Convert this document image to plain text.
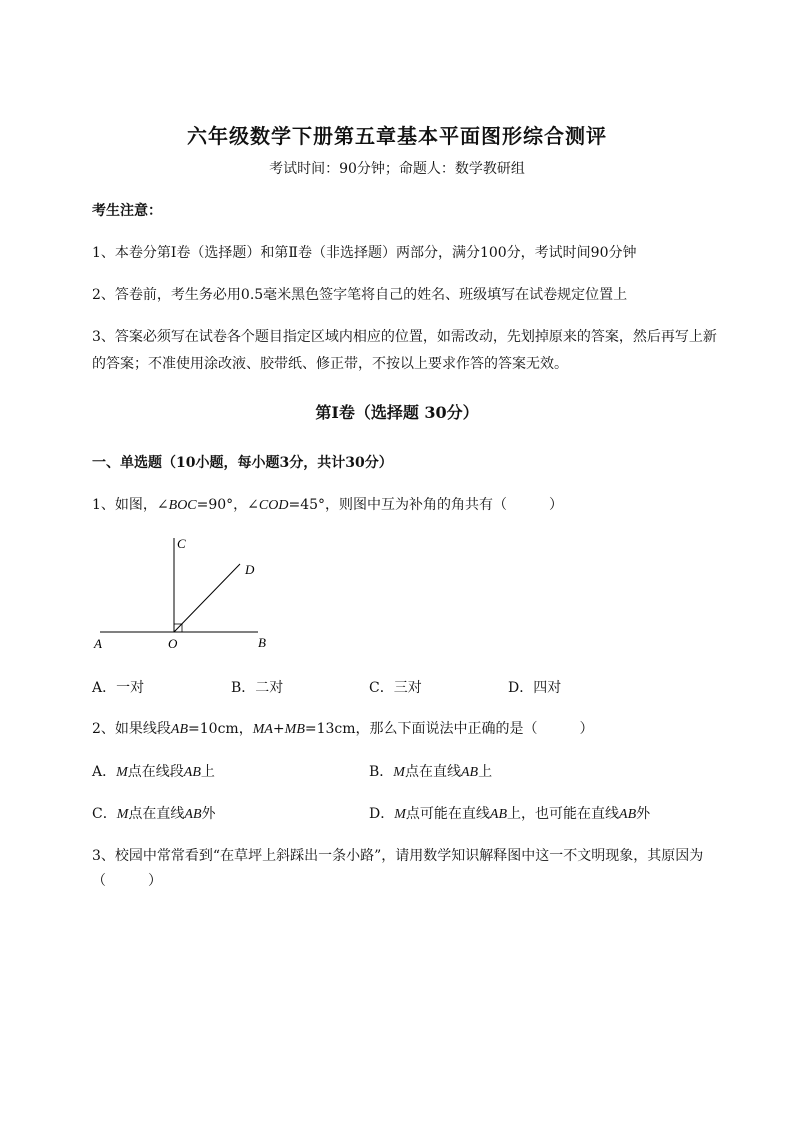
六年级数学下册第五章基本平面图形综合测评
考试时间：90分钟；命题人：数学教研组
考生注意：
1、本卷分第I卷（选择题）和第Ⅱ卷（非选择题）两部分，满分100分，考试时间90分钟
2、答卷前，考生务必用0.5毫米黑色签字笔将自己的姓名、班级填写在试卷规定位置上
3、答案必须写在试卷各个题目指定区域内相应的位置，如需改动，先划掉原来的答案，然后再写上新
的答案；不准使用涂改液、胶带纸、修正带，不按以上要求作答的答案无效。
第I卷（选择题 30分）
一、单选题（10小题，每小题3分，共计30分）
1、如图，∠BOC=90°，∠COD=45°，则图中互为补角的角共有（　　　）
A	O	B
C
D
A．一对	B．二对	C．三对	D．四对
2、如果线段AB=10cm，MA+MB=13cm，那么下面说法中正确的是（　　　）
A．M点在线段AB上	B．M点在直线AB上
C．M点在直线AB外	D．M点可能在直线AB上，也可能在直线AB外
3、校园中常常看到“在草坪上斜踩出一条小路”，请用数学知识解释图中这一不文明现象，其原因为
（　　　）
